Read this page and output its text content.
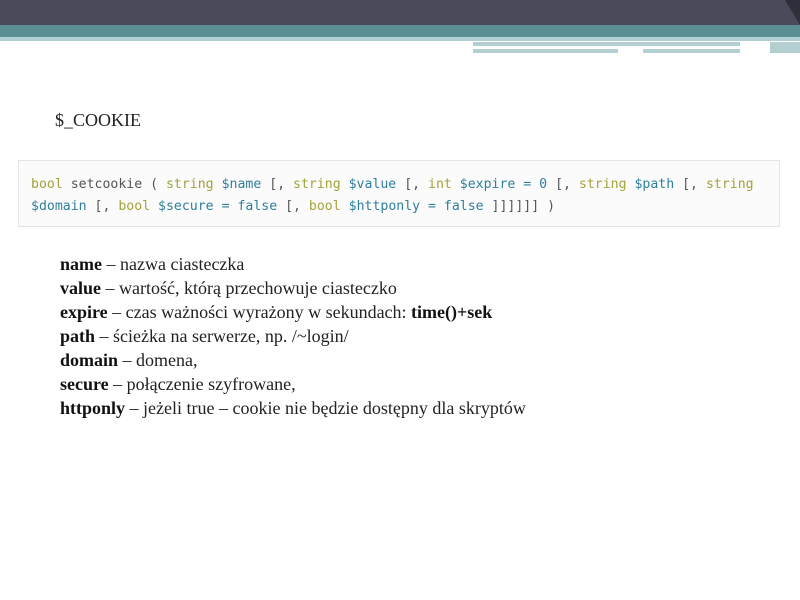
$_COOKIE
bool setcookie ( string $name [, string $value [, int $expire = 0 [, string $path [, string
$domain [, bool $secure = false [, bool $httponly = false ]]]]]] )
name – nazwa ciasteczka
value – wartość, którą przechowuje ciasteczko
expire – czas ważności wyrażony w sekundach: time()+sek
path – ścieżka na serwerze, np. /~login/
domain – domena,
secure – połączenie szyfrowane,
httponly – jeżeli true – cookie nie będzie dostępny dla skryptów
